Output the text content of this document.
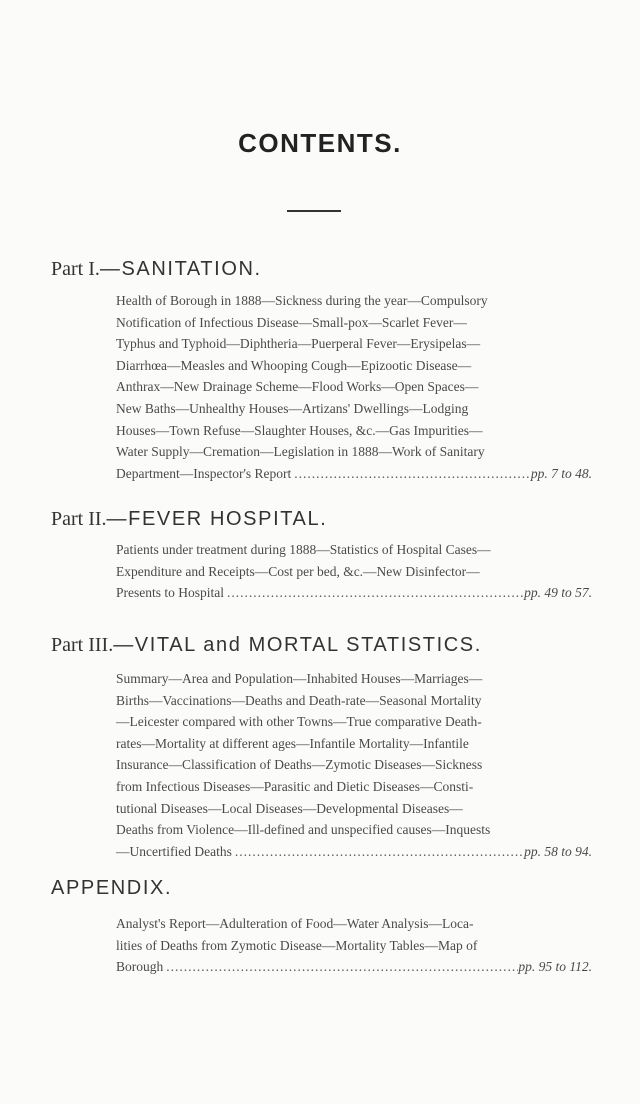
CONTENTS.
Part I.—SANITATION.
Health of Borough in 1888—Sickness during the year—Compulsory
Notification of Infectious Disease—Small-pox—Scarlet Fever—
Typhus and Typhoid—Diphtheria—Puerperal Fever—Erysipelas—
Diarrhœa—Measles and Whooping Cough—Epizootic Disease—
Anthrax—New Drainage Scheme—Flood Works—Open Spaces—
New Baths—Unhealthy Houses—Artizans' Dwellings—Lodging
Houses—Town Refuse—Slaughter Houses, &c.—Gas Impurities—
Water Supply—Cremation—Legislation in 1888—Work of Sanitary
Department—Inspector's Report .....	pp. 7 to 48.
Part II.—FEVER HOSPITAL.
Patients under treatment during 1888—Statistics of Hospital Cases—
Expenditure and Receipts—Cost per bed, &c.—New Disinfector—
Presents to Hospital .....	pp. 49 to 57.
Part III.—VITAL and MORTAL STATISTICS.
Summary—Area and Population—Inhabited Houses—Marriages—
Births—Vaccinations—Deaths and Death-rate—Seasonal Mortality
—Leicester compared with other Towns—True comparative Death-
rates—Mortality at different ages—Infantile Mortality—Infantile
Insurance—Classification of Deaths—Zymotic Diseases—Sickness
from Infectious Diseases—Parasitic and Dietic Diseases—Consti-
tutional Diseases—Local Diseases—Developmental Diseases—
Deaths from Violence—Ill-defined and unspecified causes—Inquests
—Uncertified Deaths .....	pp. 58 to 94.
APPENDIX.
Analyst's Report—Adulteration of Food—Water Analysis—Loca-
lities of Deaths from Zymotic Disease—Mortality Tables—Map of
Borough .....	pp. 95 to 112.
